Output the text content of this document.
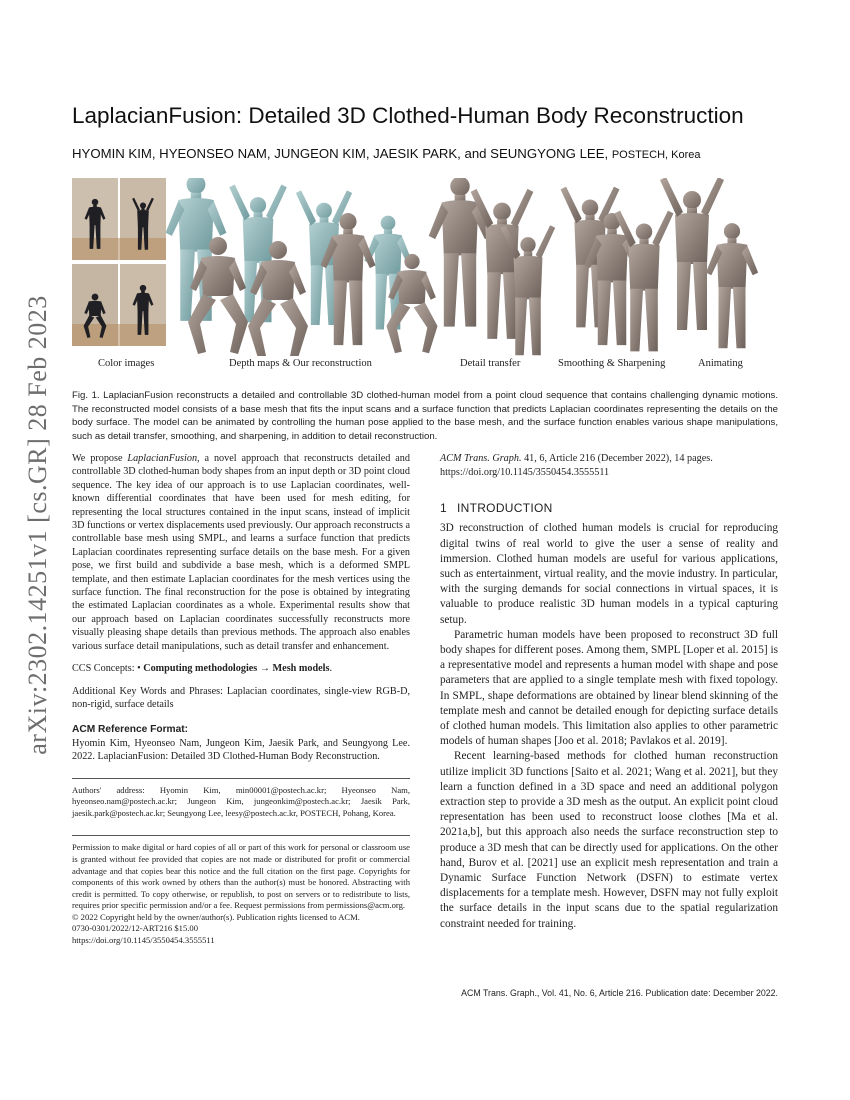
arXiv:2302.14251v1 [cs.GR] 28 Feb 2023
LaplacianFusion: Detailed 3D Clothed-Human Body Reconstruction
HYOMIN KIM, HYEONSEO NAM, JUNGEON KIM, JAESIK PARK, and SEUNGYONG LEE, POSTECH, Korea
Color images	Depth maps & Our reconstruction	Detail transfer	Smoothing & Sharpening	Animating

Fig. 1. LaplacianFusion reconstructs a detailed and controllable 3D clothed-human model from a point cloud sequence that contains challenging dynamic motions. The reconstructed model consists of a base mesh that fits the input scans and a surface function that predicts Laplacian coordinates representing the details on the body surface. The model can be animated by controlling the human pose applied to the base mesh, and the surface function enables various shape manipulations, such as detail transfer, smoothing, and sharpening, in addition to detail reconstruction.

We propose LaplacianFusion, a novel approach that reconstructs detailed and controllable 3D clothed-human body shapes from an input depth or 3D point cloud sequence. The key idea of our approach is to use Laplacian coordinates, well-known differential coordinates that have been used for mesh editing, for representing the local structures contained in the input scans, instead of implicit 3D functions or vertex displacements used previously. Our approach reconstructs a controllable base mesh using SMPL, and learns a surface function that predicts Laplacian coordinates representing surface details on the base mesh. For a given pose, we first build and subdivide a base mesh, which is a deformed SMPL template, and then estimate Laplacian coordinates for the mesh vertices using the surface function. The final reconstruction for the pose is obtained by integrating the estimated Laplacian coordinates as a whole. Experimental results show that our approach based on Laplacian coordinates successfully reconstructs more visually pleasing shape details than previous methods. The approach also enables various surface detail manipulations, such as detail transfer and enhancement.

CCS Concepts: • Computing methodologies → Mesh models.

Additional Key Words and Phrases: Laplacian coordinates, single-view RGB-D, non-rigid, surface details

ACM Reference Format:

Hyomin Kim, Hyeonseo Nam, Jungeon Kim, Jaesik Park, and Seungyong Lee. 2022. LaplacianFusion: Detailed 3D Clothed-Human Body Reconstruction.

Authors' address: Hyomin Kim, min00001@postech.ac.kr; Hyeonseo Nam, hyeonseo.nam@postech.ac.kr; Jungeon Kim, jungeonkim@postech.ac.kr; Jaesik Park, jaesik.park@postech.ac.kr; Seungyong Lee, leesy@postech.ac.kr, POSTECH, Pohang, Korea.

Permission to make digital or hard copies of all or part of this work for personal or classroom use is granted without fee provided that copies are not made or distributed for profit or commercial advantage and that copies bear this notice and the full citation on the first page. Copyrights for components of this work owned by others than the author(s) must be honored. Abstracting with credit is permitted. To copy otherwise, or republish, to post on servers or to redistribute to lists, requires prior specific permission and/or a fee. Request permissions from permissions@acm.org.

© 2022 Copyright held by the owner/author(s). Publication rights licensed to ACM.

0730-0301/2022/12-ART216 $15.00

https://doi.org/10.1145/3550454.3555511

ACM Trans. Graph. 41, 6, Article 216 (December 2022), 14 pages. https://doi.org/10.1145/3550454.3555511

1 INTRODUCTION

3D reconstruction of clothed human models is crucial for reproducing digital twins of real world to give the user a sense of reality and immersion. Clothed human models are useful for various applications, such as entertainment, virtual reality, and the movie industry. In particular, with the surging demands for social connections in virtual spaces, it is valuable to produce realistic 3D human models in a typical capturing setup.

Parametric human models have been proposed to reconstruct 3D full body shapes for different poses. Among them, SMPL [Loper et al. 2015] is a representative model and represents a human model with shape and pose parameters that are applied to a single template mesh with fixed topology. In SMPL, shape deformations are obtained by linear blend skinning of the template mesh and cannot be detailed enough for depicting surface details of clothed human models. This limitation also applies to other parametric models of human shapes [Joo et al. 2018; Pavlakos et al. 2019].

Recent learning-based methods for clothed human reconstruction utilize implicit 3D functions [Saito et al. 2021; Wang et al. 2021], but they learn a function defined in a 3D space and need an additional polygon extraction step to provide a 3D mesh as the output. An explicit point cloud representation has been used to reconstruct loose clothes [Ma et al. 2021a,b], but this approach also needs the surface reconstruction step to produce a 3D mesh that can be directly used for applications. On the other hand, Burov et al. [2021] use an explicit mesh representation and train a Dynamic Surface Function Network (DSFN) to estimate vertex displacements for a template mesh. However, DSFN may not fully exploit the surface details in the input scans due to the spatial regularization constraint needed for training.

ACM Trans. Graph., Vol. 41, No. 6, Article 216. Publication date: December 2022.
